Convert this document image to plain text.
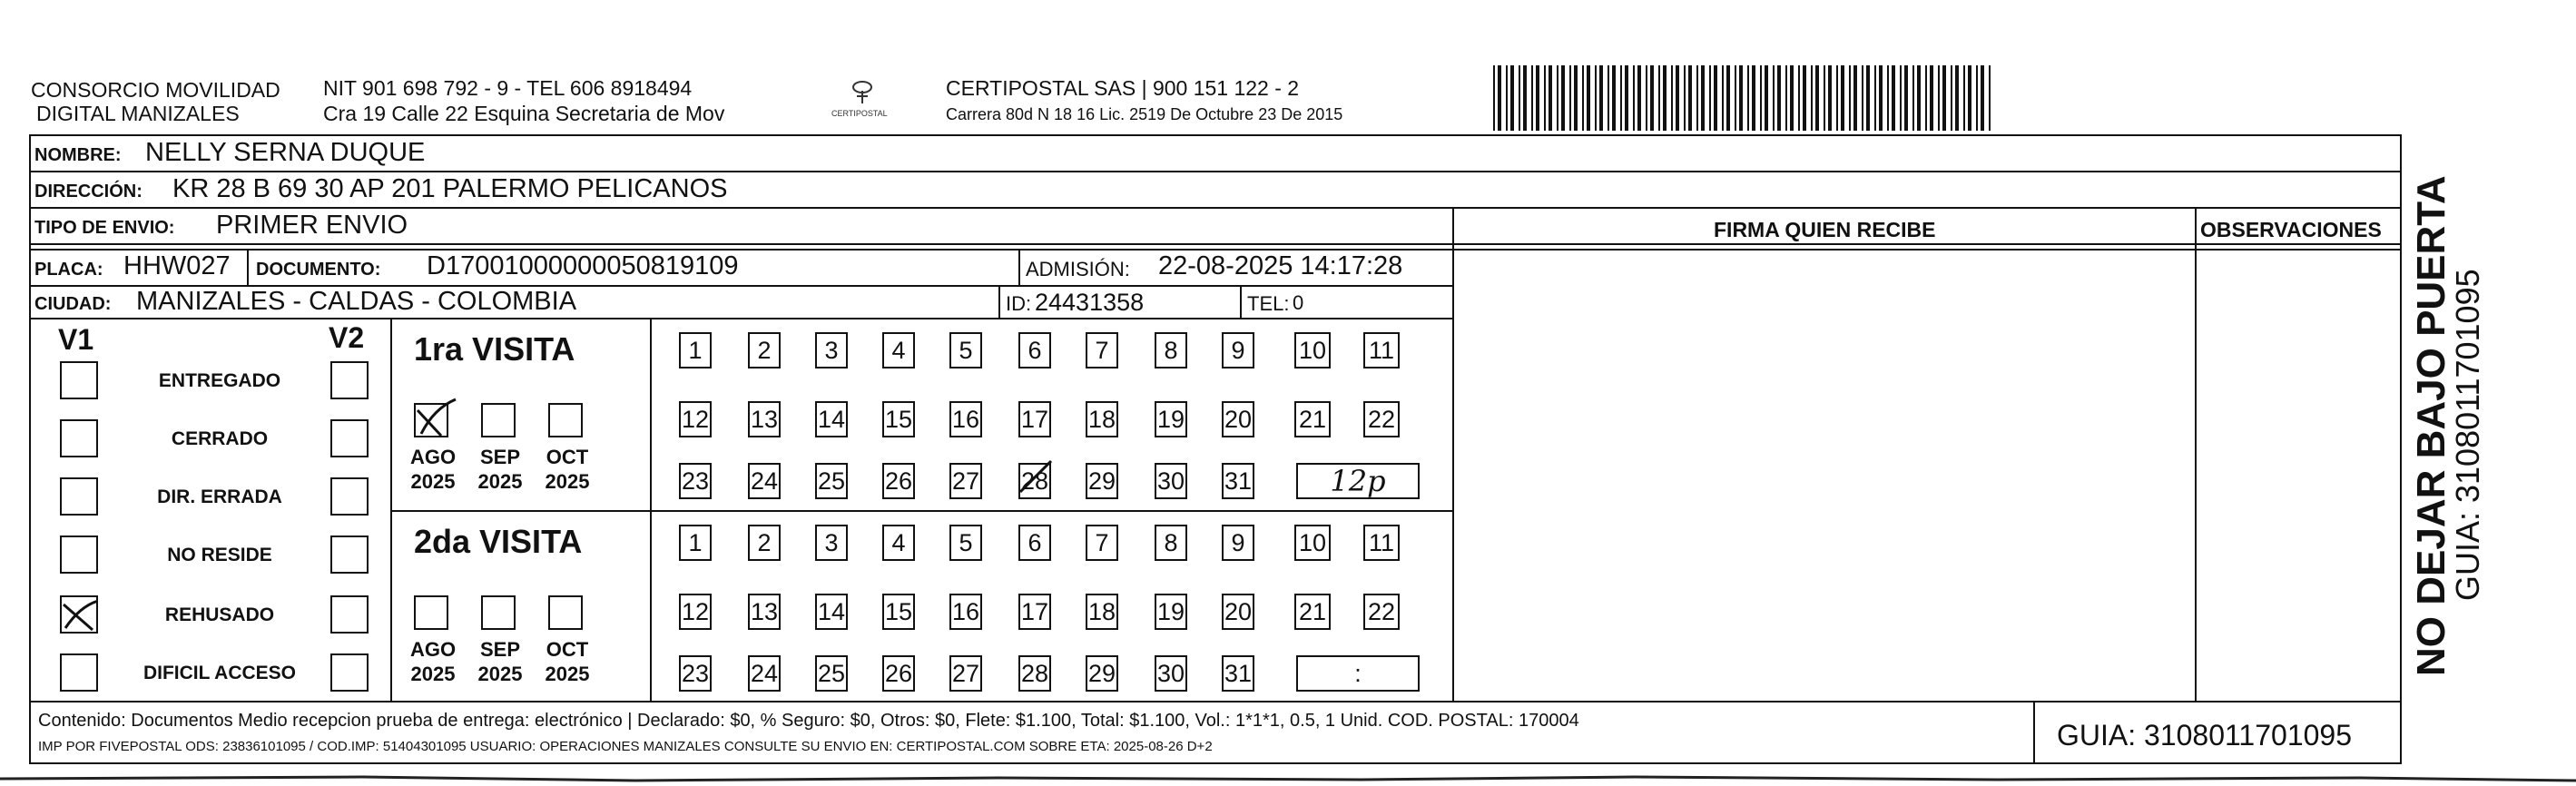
CONSORCIO MOVILIDAD
DIGITAL MANIZALES
NIT 901 698 792 - 9 - TEL 606 8918494
Cra 19 Calle 22 Esquina Secretaria de Mov	CERTIPOSTAL
CERTIPOSTAL SAS | 900 151 122 - 2
Carrera 80d N 18 16 Lic. 2519 De Octubre 23 De 2015
NOMBRE: NELLY SERNA DUQUE
DIRECCIÓN: KR 28 B 69 30 AP 201 PALERMO PELICANOS
TIPO DE ENVIO: PRIMER ENVIO	FIRMA QUIEN RECIBE	OBSERVACIONES
PLACA: HHW027 DOCUMENTO: D17001000000050819109	ADMISIÓN: 22-08-2025 14:17:28
CIUDAD: MANIZALES - CALDAS - COLOMBIA	ID: 24431358	TEL: 0
V1	V2
ENTREGADO
CERRADO
DIR. ERRADA
NO RESIDE
REHUSADO
DIFICIL ACCESO
1ra VISITA
AGO
2025
SEP
2025
OCT
2025
1 2 3 4 5 6 7 8 9 10 11
12 13 14 15 16 17 18 19 20 21 22
23 24 25 26 27 28 29 30 31	12p
2da VISITA
AGO
2025
SEP
2025
OCT
2025
1 2 3 4 5 6 7 8 9 10 11
12 13 14 15 16 17 18 19 20 21 22
23 24 25 26 27 28 29 30 31	:
Contenido: Documentos Medio recepcion prueba de entrega: electrónico | Declarado: $0, % Seguro: $0, Otros: $0, Flete: $1.100, Total: $1.100, Vol.: 1*1*1, 0.5, 1 Unid. COD. POSTAL: 170004
IMP POR FIVEPOSTAL ODS: 23836101095 / COD.IMP: 51404301095 USUARIO: OPERACIONES MANIZALES CONSULTE SU ENVIO EN: CERTIPOSTAL.COM SOBRE ETA: 2025-08-26 D+2	GUIA: 3108011701095
NO DEJAR BAJO PUERTA
GUIA: 3108011701095
